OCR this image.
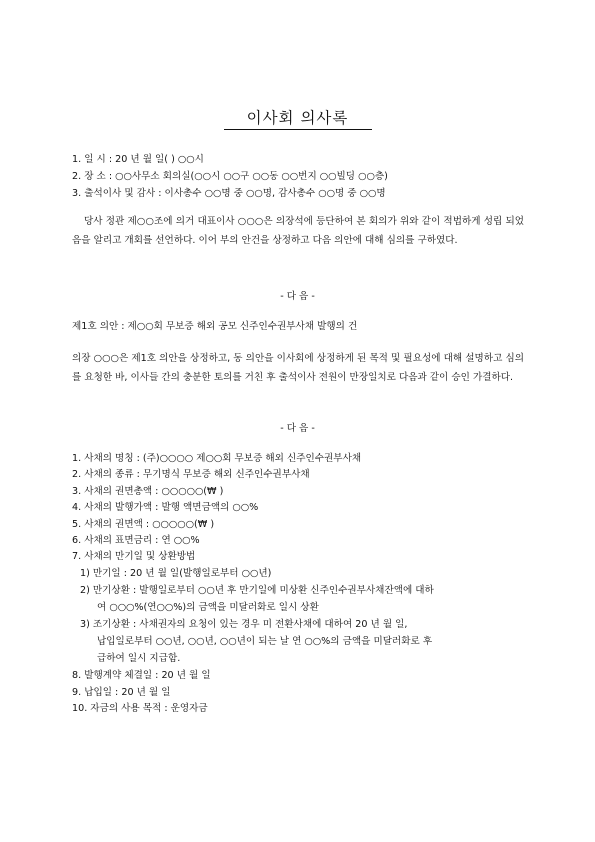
이사회 의사록
1. 일 시 : 20 년 월 일( ) ○○시
2. 장 소 : ○○사무소 회의실(○○시 ○○구 ○○동 ○○번지 ○○빌딩 ○○층)
3. 출석이사 및 감사 : 이사총수 ○○명 중 ○○명, 감사총수 ○○명 중 ○○명
당사 정관 제○○조에 의거 대표이사 ○○○은 의장석에 등단하여 본 회의가 위와 같이 적법하게 성립 되었음을 알리고 개회를 선언하다. 이어 부의 안건을 상정하고 다음 의안에 대해 심의를 구하였다.
- 다 음 -
제1호 의안 : 제○○회 무보증 해외 공모 신주인수권부사채 발행의 건
의장 ○○○은 제1호 의안을 상정하고, 동 의안을 이사회에 상정하게 된 목적 및 필요성에 대해 설명하고 심의를 요청한 바, 이사들 간의 충분한 토의를 거친 후 출석이사 전원이 만장일치로 다음과 같이 승인 가결하다.
- 다 음 -
1. 사채의 명칭 : (주)○○○○ 제○○회 무보증 해외 신주인수권부사채
2. 사채의 종류 : 무기명식 무보증 해외 신주인수권부사채
3. 사채의 권면총액 : ○○○○○(₩ )
4. 사채의 발행가액 : 발행 액면금액의 ○○%
5. 사채의 권면액 : ○○○○○(₩ )
6. 사채의 표면금리 : 연 ○○%
7. 사채의 만기일 및 상환방법
1) 만기일 : 20 년 월 일(발행일로부터 ○○년)
2) 만기상환 : 발행일로부터 ○○년 후 만기일에 미상환 신주인수권부사채잔액에 대하
여 ○○○%(연○○%)의 금액을 미달러화로 일시 상환
3) 조기상환 : 사채권자의 요청이 있는 경우 미 전환사채에 대하여 20 년 월 일,
납입일로부터 ○○년, ○○년, ○○년이 되는 날 연 ○○%의 금액을 미달러화로 후
급하여 일시 지급함.
8. 발행계약 체결일 : 20 년 월 일
9. 납입일 : 20 년 월 일
10. 자금의 사용 목적 : 운영자금
